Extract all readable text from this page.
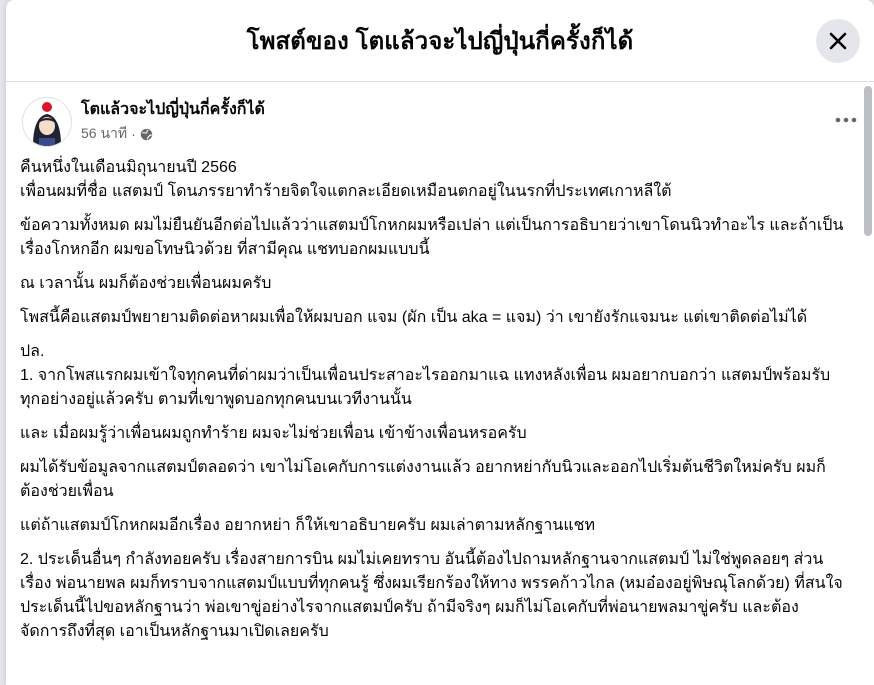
โพสต์ของ โตแล้วจะไปญี่ปุ่นกี่ครั้งก็ได้
โตแล้วจะไปญี่ปุ่นกี่ครั้งก็ได้
56 นาที ·

คืนหนึ่งในเดือนมิถุนายนปี 2566
เพื่อนผมที่ชื่อ แสตมป์ โดนภรรยาทำร้ายจิตใจแตกละเอียดเหมือนตกอยู่ในนรกที่ประเทศเกาหลีใต้

ข้อความทั้งหมด ผมไม่ยืนยันอีกต่อไปแล้วว่าแสตมป์โกหกผมหรือเปล่า แต่เป็นการอธิบายว่าเขาโดนนิวทำอะไร และถ้าเป็นเรื่องโกหกอีก ผมขอโทษนิวด้วย ที่สามีคุณ แชทบอกผมแบบนี้

ณ เวลานั้น ผมก็ต้องช่วยเพื่อนผมครับ

โพสนี้คือแสตมป์พยายามติดต่อหาผมเพื่อให้ผมบอก แจม (ผัก เป็น aka = แจม) ว่า เขายังรักแจมนะ แต่เขาติดต่อไม่ได้

ปล.
1. จากโพสแรกผมเข้าใจทุกคนที่ด่าผมว่าเป็นเพื่อนประสาอะไรออกมาแฉ แทงหลังเพื่อน ผมอยากบอกว่า แสตมป์พร้อมรับทุกอย่างอยู่แล้วครับ ตามที่เขาพูดบอกทุกคนบนเวทีงานนั้น

และ เมื่อผมรู้ว่าเพื่อนผมถูกทำร้าย ผมจะไม่ช่วยเพื่อน เข้าข้างเพื่อนหรอครับ

ผมได้รับข้อมูลจากแสตมป์ตลอดว่า เขาไม่โอเคกับการแต่งงานแล้ว อยากหย่ากับนิวและออกไปเริ่มต้นชีวิตใหม่ครับ ผมก็ต้องช่วยเพื่อน

แต่ถ้าแสตมป์โกหกผมอีกเรื่อง อยากหย่า ก็ให้เขาอธิบายครับ ผมเล่าตามหลักฐานแชท

2. ประเด็นอื่นๆ กำลังทอยครับ เรื่องสายการบิน ผมไม่เคยทราบ อันนี้ต้องไปถามหลักฐานจากแสตมป์ ไม่ใช่พูดลอยๆ ส่วนเรื่อง พ่อนายพล ผมก็ทราบจากแสตมป์แบบที่ทุกคนรู้ ซึ่งผมเรียกร้องให้ทาง พรรคก้าวไกล (หมอ๋องอยู่พิษณุโลกด้วย) ที่สนใจประเด็นนี้ไปขอหลักฐานว่า พ่อเขาขู่อย่างไรจากแสตมป์ครับ ถ้ามีจริงๆ ผมก็ไม่โอเคกับที่พ่อนายพลมาขู่ครับ และต้องจัดการถึงที่สุด เอาเป็นหลักฐานมาเปิดเลยครับ
